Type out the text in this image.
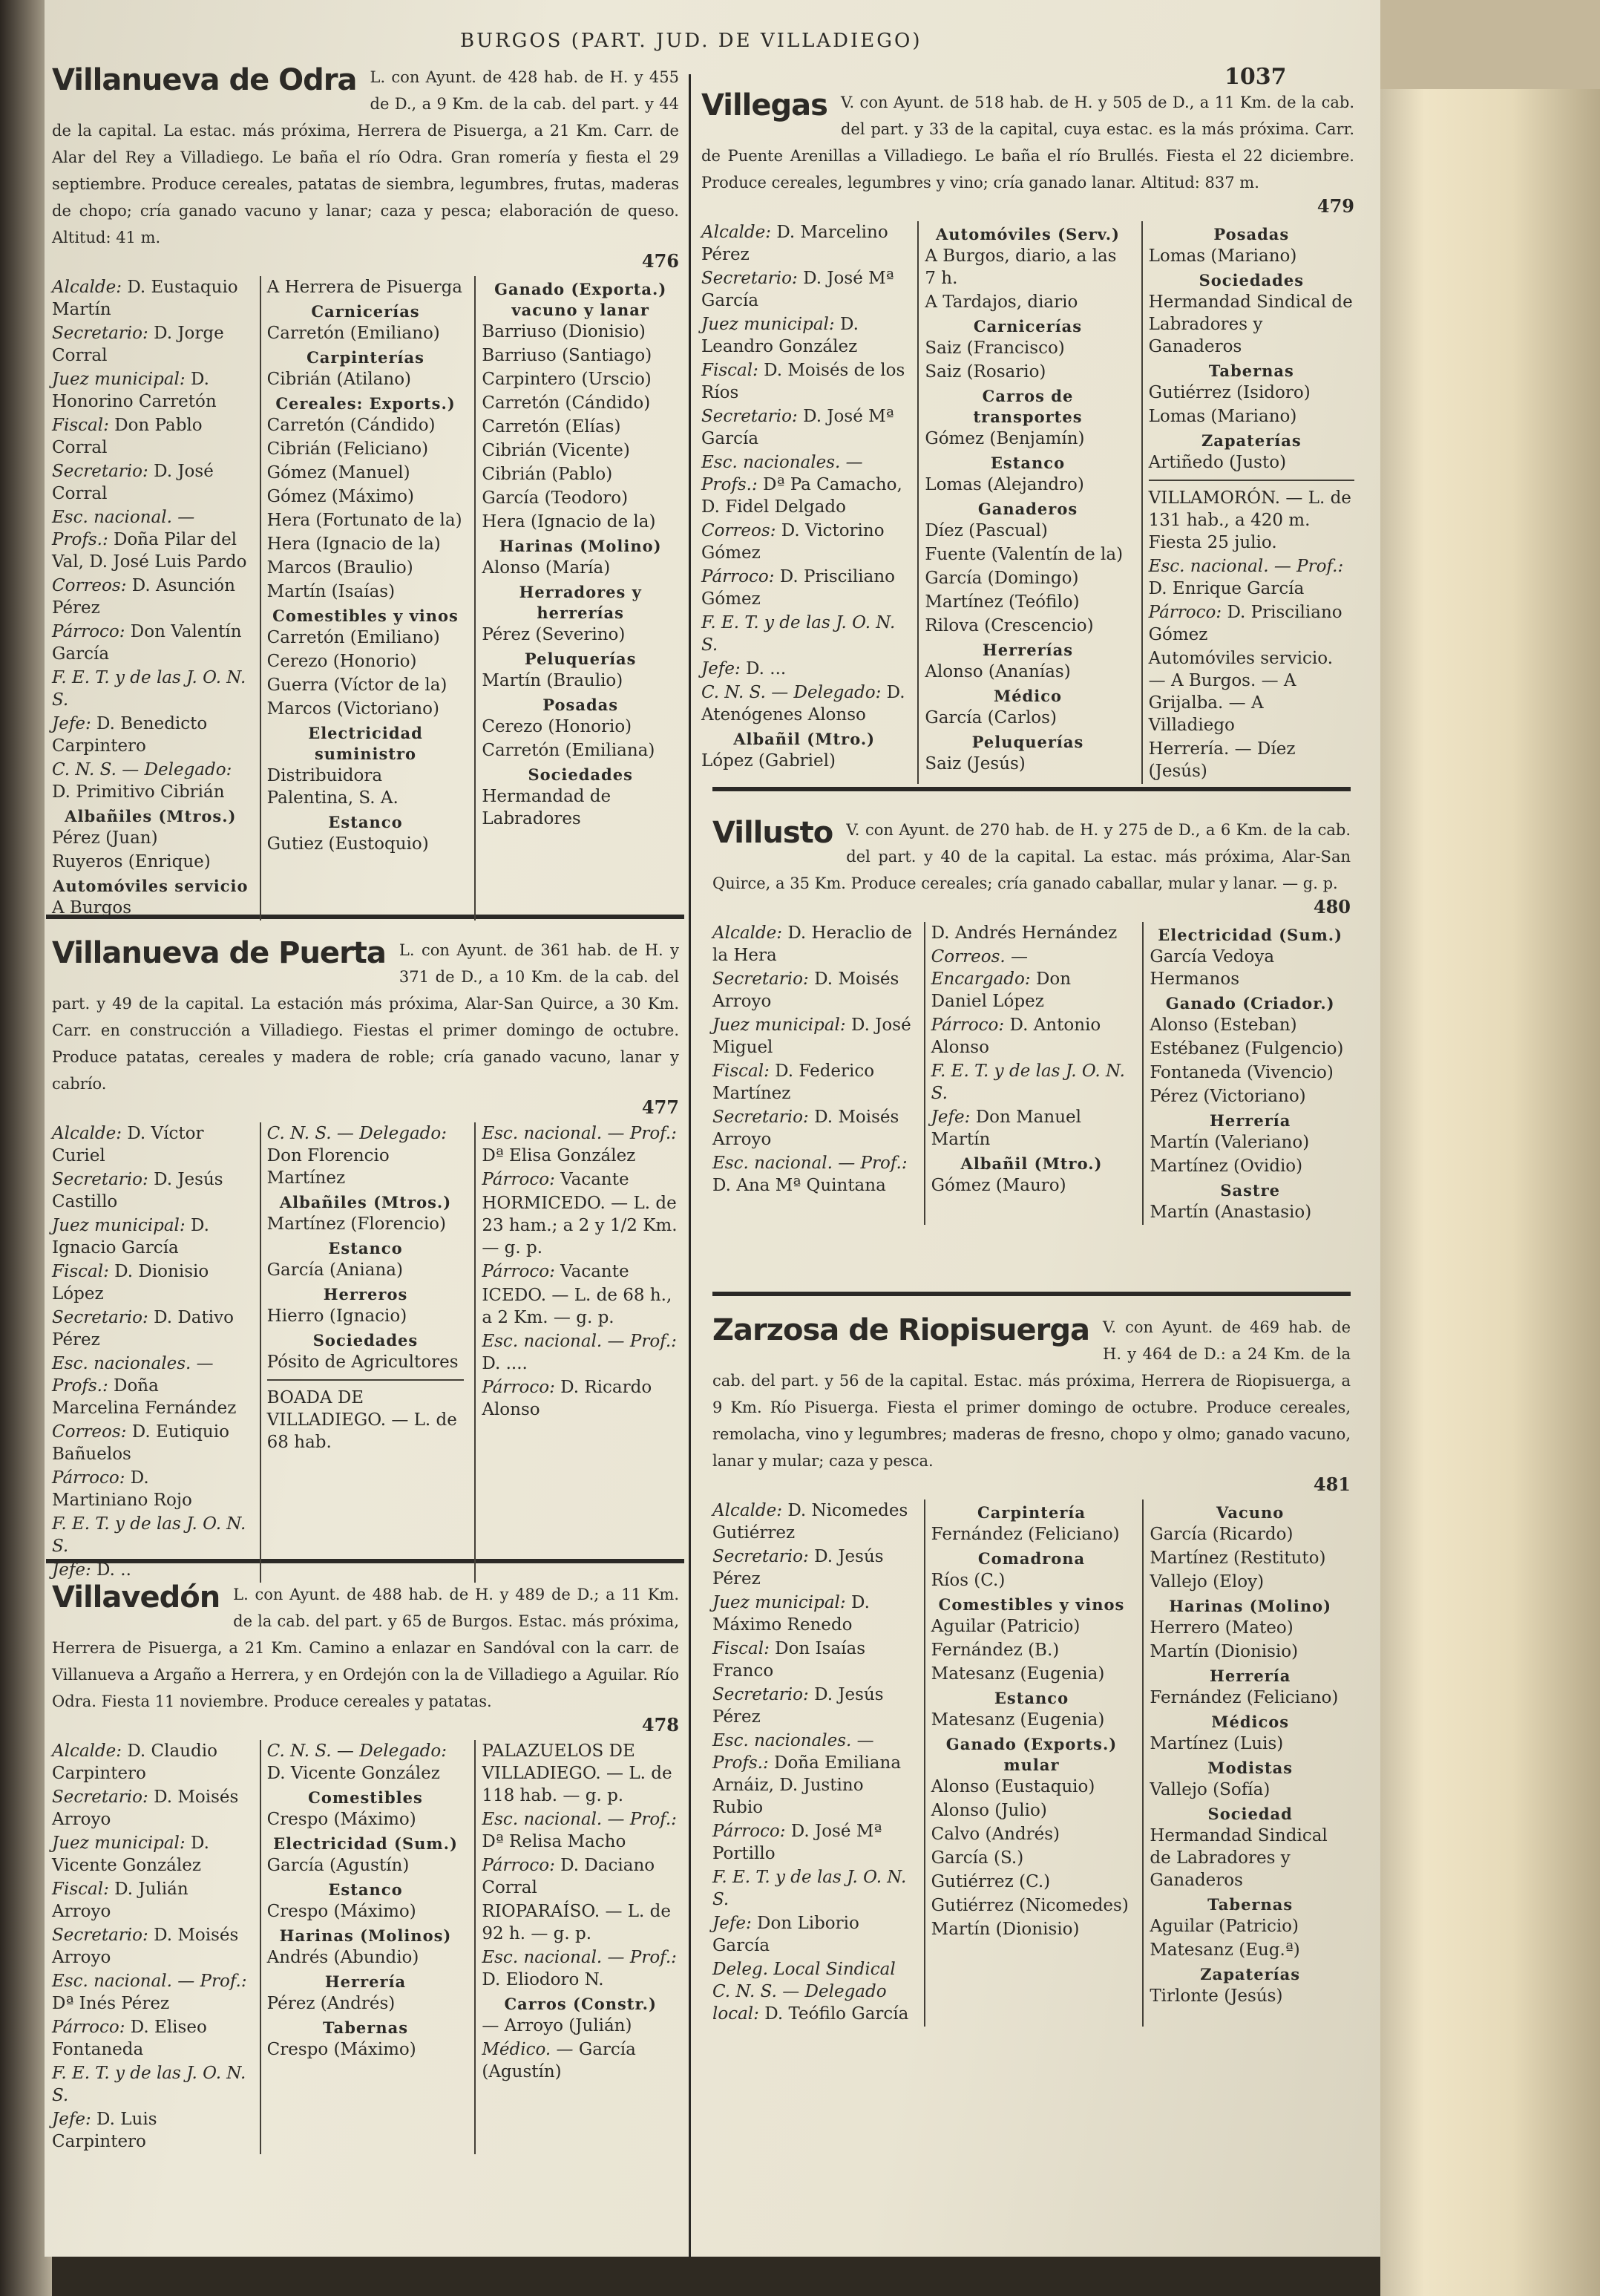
BURGOS (PART. JUD. DE VILLADIEGO)
1037
Villanueva de Odra L. con Ayunt. de 428 hab. de H. y 455 de D., a 9 Km. de la cab. del part. y 44 de la capital. La estac. más próxima, Herrera de Pisuerga, a 21 Km. Carr. de Alar del Rey a Villadiego. Le baña el río Odra. Gran romería y fiesta el 29 septiembre. Produce cereales, patatas de siembra, legumbres, frutas, maderas de chopo; cría ganado vacuno y lanar; caza y pesca; elaboración de queso. Altitud: 41 m.
476
Alcalde: D. Eustaquio Martín
Secretario: D. Jorge Corral
Juez municipal: D. Honorino Carretón
Fiscal: Don Pablo Corral
Secretario: D. José Corral
Esc. nacional. — Profs.: Doña Pilar del Val, D. José Luis Pardo
Correos: D. Asunción Pérez
Párroco: Don Valentín García
F. E. T. y de las J. O. N. S.
Jefe: D. Benedicto Carpintero
C. N. S. — Delegado: D. Primitivo Cibrián
Albañiles (Mtros.)
Pérez (Juan)
Ruyeros (Enrique)
Automóviles servicio
A Burgos
A Herrera de Pisuerga
Carnicerías
Carretón (Emiliano)
Carpinterías
Cibrián (Atilano)
Cereales: Exports.)
Carretón (Cándido)
Cibrián (Feliciano)
Gómez (Manuel)
Gómez (Máximo)
Hera (Fortunato de la)
Hera (Ignacio de la)
Marcos (Braulio)
Martín (Isaías)
Comestibles y vinos
Carretón (Emiliano)
Cerezo (Honorio)
Guerra (Víctor de la)
Marcos (Victoriano)
Electricidad suministro
Distribuidora Palentina, S. A.
Estanco
Gutiez (Eustoquio)
Ganado (Exporta.) vacuno y lanar
Barriuso (Dionisio)
Barriuso (Santiago)
Carpintero (Urscio)
Carretón (Cándido)
Carretón (Elías)
Cibrián (Vicente)
Cibrián (Pablo)
García (Teodoro)
Hera (Ignacio de la)
Harinas (Molino)
Alonso (María)
Herradores y herrerías
Pérez (Severino)
Peluquerías
Martín (Braulio)
Posadas
Cerezo (Honorio)
Carretón (Emiliana)
Sociedades
Hermandad de Labradores
Villegas V. con Ayunt. de 518 hab. de H. y 505 de D., a 11 Km. de la cab. del part. y 33 de la capital, cuya estac. es la más próxima. Carr. de Puente Arenillas a Villadiego. Le baña el río Brullés. Fiesta el 22 diciembre. Produce cereales, legumbres y vino; cría ganado lanar. Altitud: 837 m.
479
Alcalde: D. Marcelino Pérez
Secretario: D. José Mª García
Juez municipal: D. Leandro González
Fiscal: D. Moisés de los Ríos
Secretario: D. José Mª García
Esc. nacionales. — Profs.: Dª Pa Camacho, D. Fidel Delgado
Correos: D. Victorino Gómez
Párroco: D. Prisciliano Gómez
F. E. T. y de las J. O. N. S.
Jefe: D. ...
C. N. S. — Delegado: D. Atenógenes Alonso
Albañil (Mtro.)
López (Gabriel)
Automóviles (Serv.)
A Burgos, diario, a las 7 h.
A Tardajos, diario
Carnicerías
Saiz (Francisco)
Saiz (Rosario)
Carros de transportes
Gómez (Benjamín)
Estanco
Lomas (Alejandro)
Ganaderos
Díez (Pascual)
Fuente (Valentín de la)
García (Domingo)
Martínez (Teófilo)
Rilova (Crescencio)
Herrerías
Alonso (Ananías)
Médico
García (Carlos)
Peluquerías
Saiz (Jesús)
Posadas
Lomas (Mariano)
Sociedades
Hermandad Sindical de Labradores y Ganaderos
Tabernas
Gutiérrez (Isidoro)
Lomas (Mariano)
Zapaterías
Artiñedo (Justo)
VILLAMORÓN. — L. de 131 hab., a 420 m. Fiesta 25 julio.
Esc. nacional. — Prof.: D. Enrique García
Párroco: D. Prisciliano Gómez
Automóviles servicio. — A Burgos. — A Grijalba. — A Villadiego
Herrería. — Díez (Jesús)
Villanueva de Puerta L. con Ayunt. de 361 hab. de H. y 371 de D., a 10 Km. de la cab. del part. y 49 de la capital. La estación más próxima, Alar-San Quirce, a 30 Km. Carr. en construcción a Villadiego. Fiestas el primer domingo de octubre. Produce patatas, cereales y madera de roble; cría ganado vacuno, lanar y cabrío.
477
Alcalde: D. Víctor Curiel
Secretario: D. Jesús Castillo
Juez municipal: D. Ignacio García
Fiscal: D. Dionisio López
Secretario: D. Dativo Pérez
Esc. nacionales. — Profs.: Doña Marcelina Fernández
Correos: D. Eutiquio Bañuelos
Párroco: D. Martiniano Rojo
F. E. T. y de las J. O. N. S.
Jefe: D. ..
C. N. S. — Delegado: Don Florencio Martínez
Albañiles (Mtros.)
Martínez (Florencio)
Estanco
García (Aniana)
Herreros
Hierro (Ignacio)
Sociedades
Pósito de Agricultores
BOADA DE VILLADIEGO. — L. de 68 hab.
Esc. nacional. — Prof.: Dª Elisa González
Párroco: Vacante
HORMICEDO. — L. de 23 ham.; a 2 y 1/2 Km. — g. p.
Párroco: Vacante
ICEDO. — L. de 68 h., a 2 Km. — g. p.
Esc. nacional. — Prof.: D. ....
Párroco: D. Ricardo Alonso
Villusto V. con Ayunt. de 270 hab. de H. y 275 de D., a 6 Km. de la cab. del part. y 40 de la capital. La estac. más próxima, Alar-San Quirce, a 35 Km. Produce cereales; cría ganado caballar, mular y lanar. — g. p.
480
Alcalde: D. Heraclio de la Hera
Secretario: D. Moisés Arroyo
Juez municipal: D. José Miguel
Fiscal: D. Federico Martínez
Secretario: D. Moisés Arroyo
Esc. nacional. — Prof.: D. Ana Mª Quintana
D. Andrés Hernández
Correos. — Encargado: Don Daniel López
Párroco: D. Antonio Alonso
F. E. T. y de las J. O. N. S.
Jefe: Don Manuel Martín
Albañil (Mtro.)
Gómez (Mauro)
Electricidad (Sum.)
García Vedoya Hermanos
Ganado (Criador.)
Alonso (Esteban)
Estébanez (Fulgencio)
Fontaneda (Vivencio)
Pérez (Victoriano)
Herrería
Martín (Valeriano)
Martínez (Ovidio)
Sastre
Martín (Anastasio)
Villavedón L. con Ayunt. de 488 hab. de H. y 489 de D.; a 11 Km. de la cab. del part. y 65 de Burgos. Estac. más próxima, Herrera de Pisuerga, a 21 Km. Camino a enlazar en Sandóval con la carr. de Villanueva a Argaño a Herrera, y en Ordejón con la de Villadiego a Aguilar. Río Odra. Fiesta 11 noviembre. Produce cereales y patatas.
478
Alcalde: D. Claudio Carpintero
Secretario: D. Moisés Arroyo
Juez municipal: D. Vicente González
Fiscal: D. Julián Arroyo
Secretario: D. Moisés Arroyo
Esc. nacional. — Prof.: Dª Inés Pérez
Párroco: D. Eliseo Fontaneda
F. E. T. y de las J. O. N. S.
Jefe: D. Luis Carpintero
C. N. S. — Delegado: D. Vicente González
Comestibles
Crespo (Máximo)
Electricidad (Sum.)
García (Agustín)
Estanco
Crespo (Máximo)
Harinas (Molinos)
Andrés (Abundio)
Herrería
Pérez (Andrés)
Tabernas
Crespo (Máximo)
PALAZUELOS DE VILLADIEGO. — L. de 118 hab. — g. p.
Esc. nacional. — Prof.: Dª Relisa Macho
Párroco: D. Daciano Corral
RIOPARAÍSO. — L. de 92 h. — g. p.
Esc. nacional. — Prof.: D. Eliodoro N.
Carros (Constr.)
— Arroyo (Julián)
Médico. — García (Agustín)
Zarzosa de Riopisuerga V. con Ayunt. de 469 hab. de H. y 464 de D.: a 24 Km. de la cab. del part. y 56 de la capital. Estac. más próxima, Herrera de Riopisuerga, a 9 Km. Río Pisuerga. Fiesta el primer domingo de octubre. Produce cereales, remolacha, vino y legumbres; maderas de fresno, chopo y olmo; ganado vacuno, lanar y mular; caza y pesca.
481
Alcalde: D. Nicomedes Gutiérrez
Secretario: D. Jesús Pérez
Juez municipal: D. Máximo Renedo
Fiscal: Don Isaías Franco
Secretario: D. Jesús Pérez
Esc. nacionales. — Profs.: Doña Emiliana Arnáiz, D. Justino Rubio
Párroco: D. José Mª Portillo
F. E. T. y de las J. O. N. S.
Jefe: Don Liborio García
Deleg. Local Sindical C. N. S. — Delegado local: D. Teófilo García
Carpintería
Fernández (Feliciano)
Comadrona
Ríos (C.)
Comestibles y vinos
Aguilar (Patricio)
Fernández (B.)
Matesanz (Eugenia)
Estanco
Matesanz (Eugenia)
Ganado (Exports.) mular
Alonso (Eustaquio)
Alonso (Julio)
Calvo (Andrés)
García (S.)
Gutiérrez (C.)
Gutiérrez (Nicomedes)
Martín (Dionisio)
Vacuno
García (Ricardo)
Martínez (Restituto)
Vallejo (Eloy)
Harinas (Molino)
Herrero (Mateo)
Martín (Dionisio)
Herrería
Fernández (Feliciano)
Médicos
Martínez (Luis)
Modistas
Vallejo (Sofía)
Sociedad
Hermandad Sindical de Labradores y Ganaderos
Tabernas
Aguilar (Patricio)
Matesanz (Eug.ª)
Zapaterías
Tirlonte (Jesús)
